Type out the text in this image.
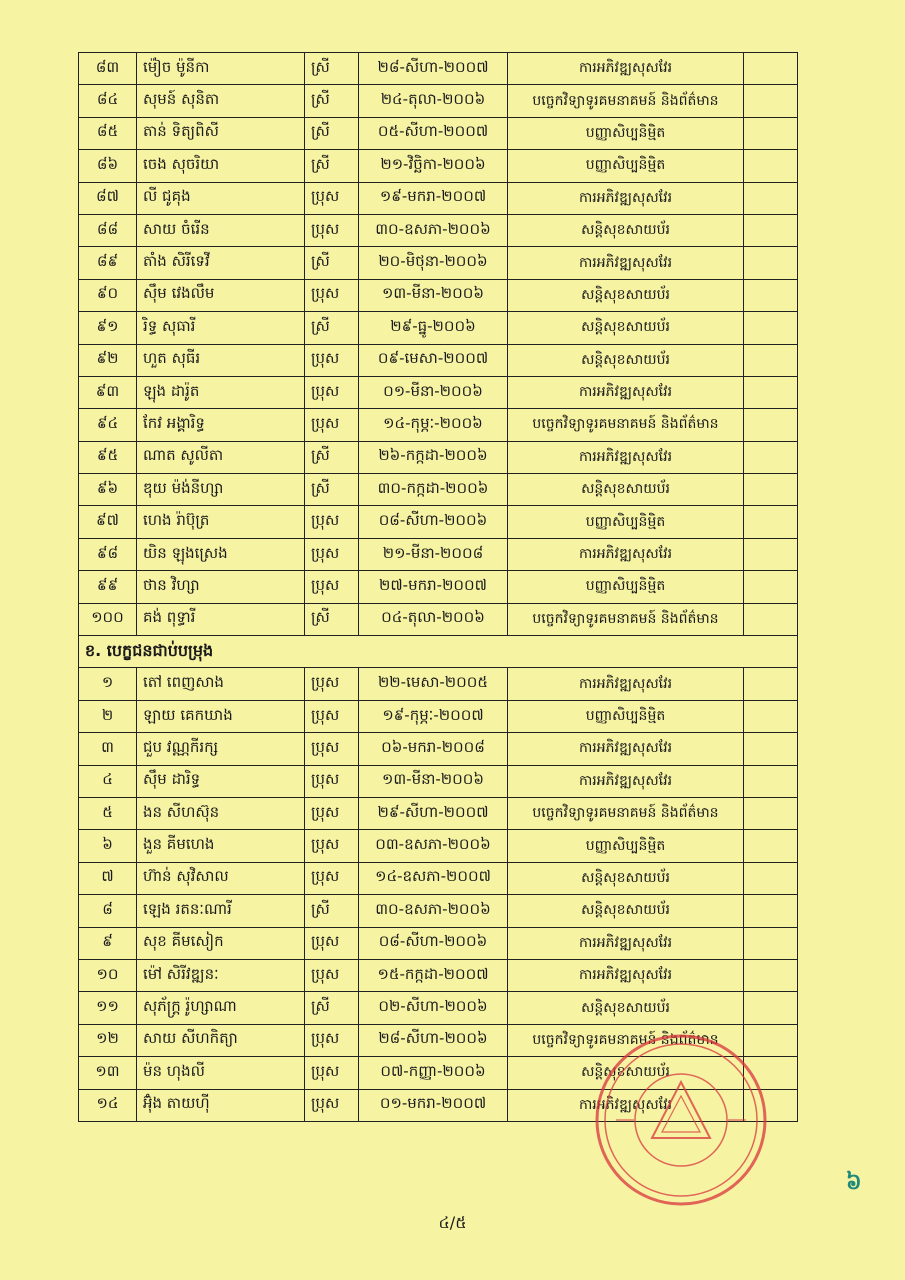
៨៣	ម៉ៀច ម៉ូនីកា	ស្រី	២៨-សីហា-២០០៧	ការអភិវឌ្ឍសុសវែរ	
៨៤	សុមន៍ សុនិតា	ស្រី	២៤-តុលា-២០០៦	បច្ចេកវិទ្យាទូរគមនាគមន៍ និងព័ត៌មាន	
៨៥	តាន់ ទិត្យពិសី	ស្រី	០៥-សីហា-២០០៧	បញ្ញាសិប្បនិម្មិត	
៨៦	ចេង សុចរិយា	ស្រី	២១-វិច្ឆិកា-២០០៦	បញ្ញាសិប្បនិម្មិត	
៨៧	លី ជូគុង	ប្រុស	១៩-មករា-២០០៧	ការអភិវឌ្ឍសុសវែរ	
៨៨	សាយ ចំរើន	ប្រុស	៣០-ឧសភា-២០០៦	សន្តិសុខសាយប័រ	
៨៩	តាំង សិរីទេវី	ស្រី	២០-មិថុនា-២០០៦	ការអភិវឌ្ឍសុសវែរ	
៩០	ស៊ឹម វេងលឹម	ប្រុស	១៣-មីនា-២០០៦	សន្តិសុខសាយប័រ	
៩១	រិទ្ធ សុធារី	ស្រី	២៩-ធ្នូ-២០០៦	សន្តិសុខសាយប័រ	
៩២	ហួត សុធីរ	ប្រុស	០៩-មេសា-២០០៧	សន្តិសុខសាយប័រ	
៩៣	ឡុង ដារ៉ូត	ប្រុស	០១-មីនា-២០០៦	ការអភិវឌ្ឍសុសវែរ	
៩៤	កែវ អង្គារិទ្ធ	ប្រុស	១៤-កុម្ភៈ-២០០៦	បច្ចេកវិទ្យាទូរគមនាគមន៍ និងព័ត៌មាន	
៩៥	ណាត សូលីតា	ស្រី	២៦-កក្កដា-២០០៦	ការអភិវឌ្ឍសុសវែរ	
៩៦	ឌុយ ម៉ង់នីហ្សា	ស្រី	៣០-កក្កដា-២០០៦	សន្តិសុខសាយប័រ	
៩៧	ហេង រ៉ាប៊ុត្រ	ប្រុស	០៨-សីហា-២០០៦	បញ្ញាសិប្បនិម្មិត	
៩៨	យិន ឡុងស្រេង	ប្រុស	២១-មីនា-២០០៨	ការអភិវឌ្ឍសុសវែរ	
៩៩	ថាន វិហ្សា	ប្រុស	២៧-មករា-២០០៧	បញ្ញាសិប្បនិម្មិត	
១០០	គង់ ពុទ្ធារី	ស្រី	០៤-តុលា-២០០៦	បច្ចេកវិទ្យាទូរគមនាគមន៍ និងព័ត៌មាន	
ខ. បេក្ខជនជាប់បម្រុង					
១	តៅ ពេញសាង	ប្រុស	២២-មេសា-២០០៥	ការអភិវឌ្ឍសុសវែរ	
២	ឡាយ គេកឃាង	ប្រុស	១៩-កុម្ភៈ-២០០៧	បញ្ញាសិប្បនិម្មិត	
៣	ជួប វណ្ណកីរក្ស	ប្រុស	០៦-មករា-២០០៨	ការអភិវឌ្ឍសុសវែរ	
៤	ស៊ឹម ដារិទ្ធ	ប្រុស	១៣-មីនា-២០០៦	ការអភិវឌ្ឍសុសវែរ	
៥	ងន សីហស៊ុន	ប្រុស	២៩-សីហា-២០០៧	បច្ចេកវិទ្យាទូរគមនាគមន៍ និងព័ត៌មាន	
៦	ងួន គីមហេង	ប្រុស	០៣-ឧសភា-២០០៦	បញ្ញាសិប្បនិម្មិត	
៧	ហ៊ាន់ សុវិសាល	ប្រុស	១៤-ឧសភា-២០០៧	សន្តិសុខសាយប័រ	
៨	ឡេង រតនៈណារី	ស្រី	៣០-ឧសភា-២០០៦	សន្តិសុខសាយប័រ	
៩	សុខ គីមសៀក	ប្រុស	០៨-សីហា-២០០៦	ការអភិវឌ្ឍសុសវែរ	
១០	ម៉ៅ សិរីវឌ្ឍនៈ	ប្រុស	១៥-កក្កដា-២០០៧	ការអភិវឌ្ឍសុសវែរ	
១១	សុភ័ក្ត្រ រ៉ូហ្សាណា	ស្រី	០២-សីហា-២០០៦	សន្តិសុខសាយប័រ	
១២	សាយ សីហកិត្យា	ប្រុស	២៨-សីហា-២០០៦	បច្ចេកវិទ្យាទូរគមនាគមន៍ និងព័ត៌មាន	
១៣	ម៉ន ហុងលី	ប្រុស	០៧-កញ្ញា-២០០៦	សន្តិសុខសាយប័រ	
១៤	អ៊ុំង តាយហ៊ី	ប្រុស	០១-មករា-២០០៧	ការអភិវឌ្ឍសុសវែរ	
៦
៤/៥
